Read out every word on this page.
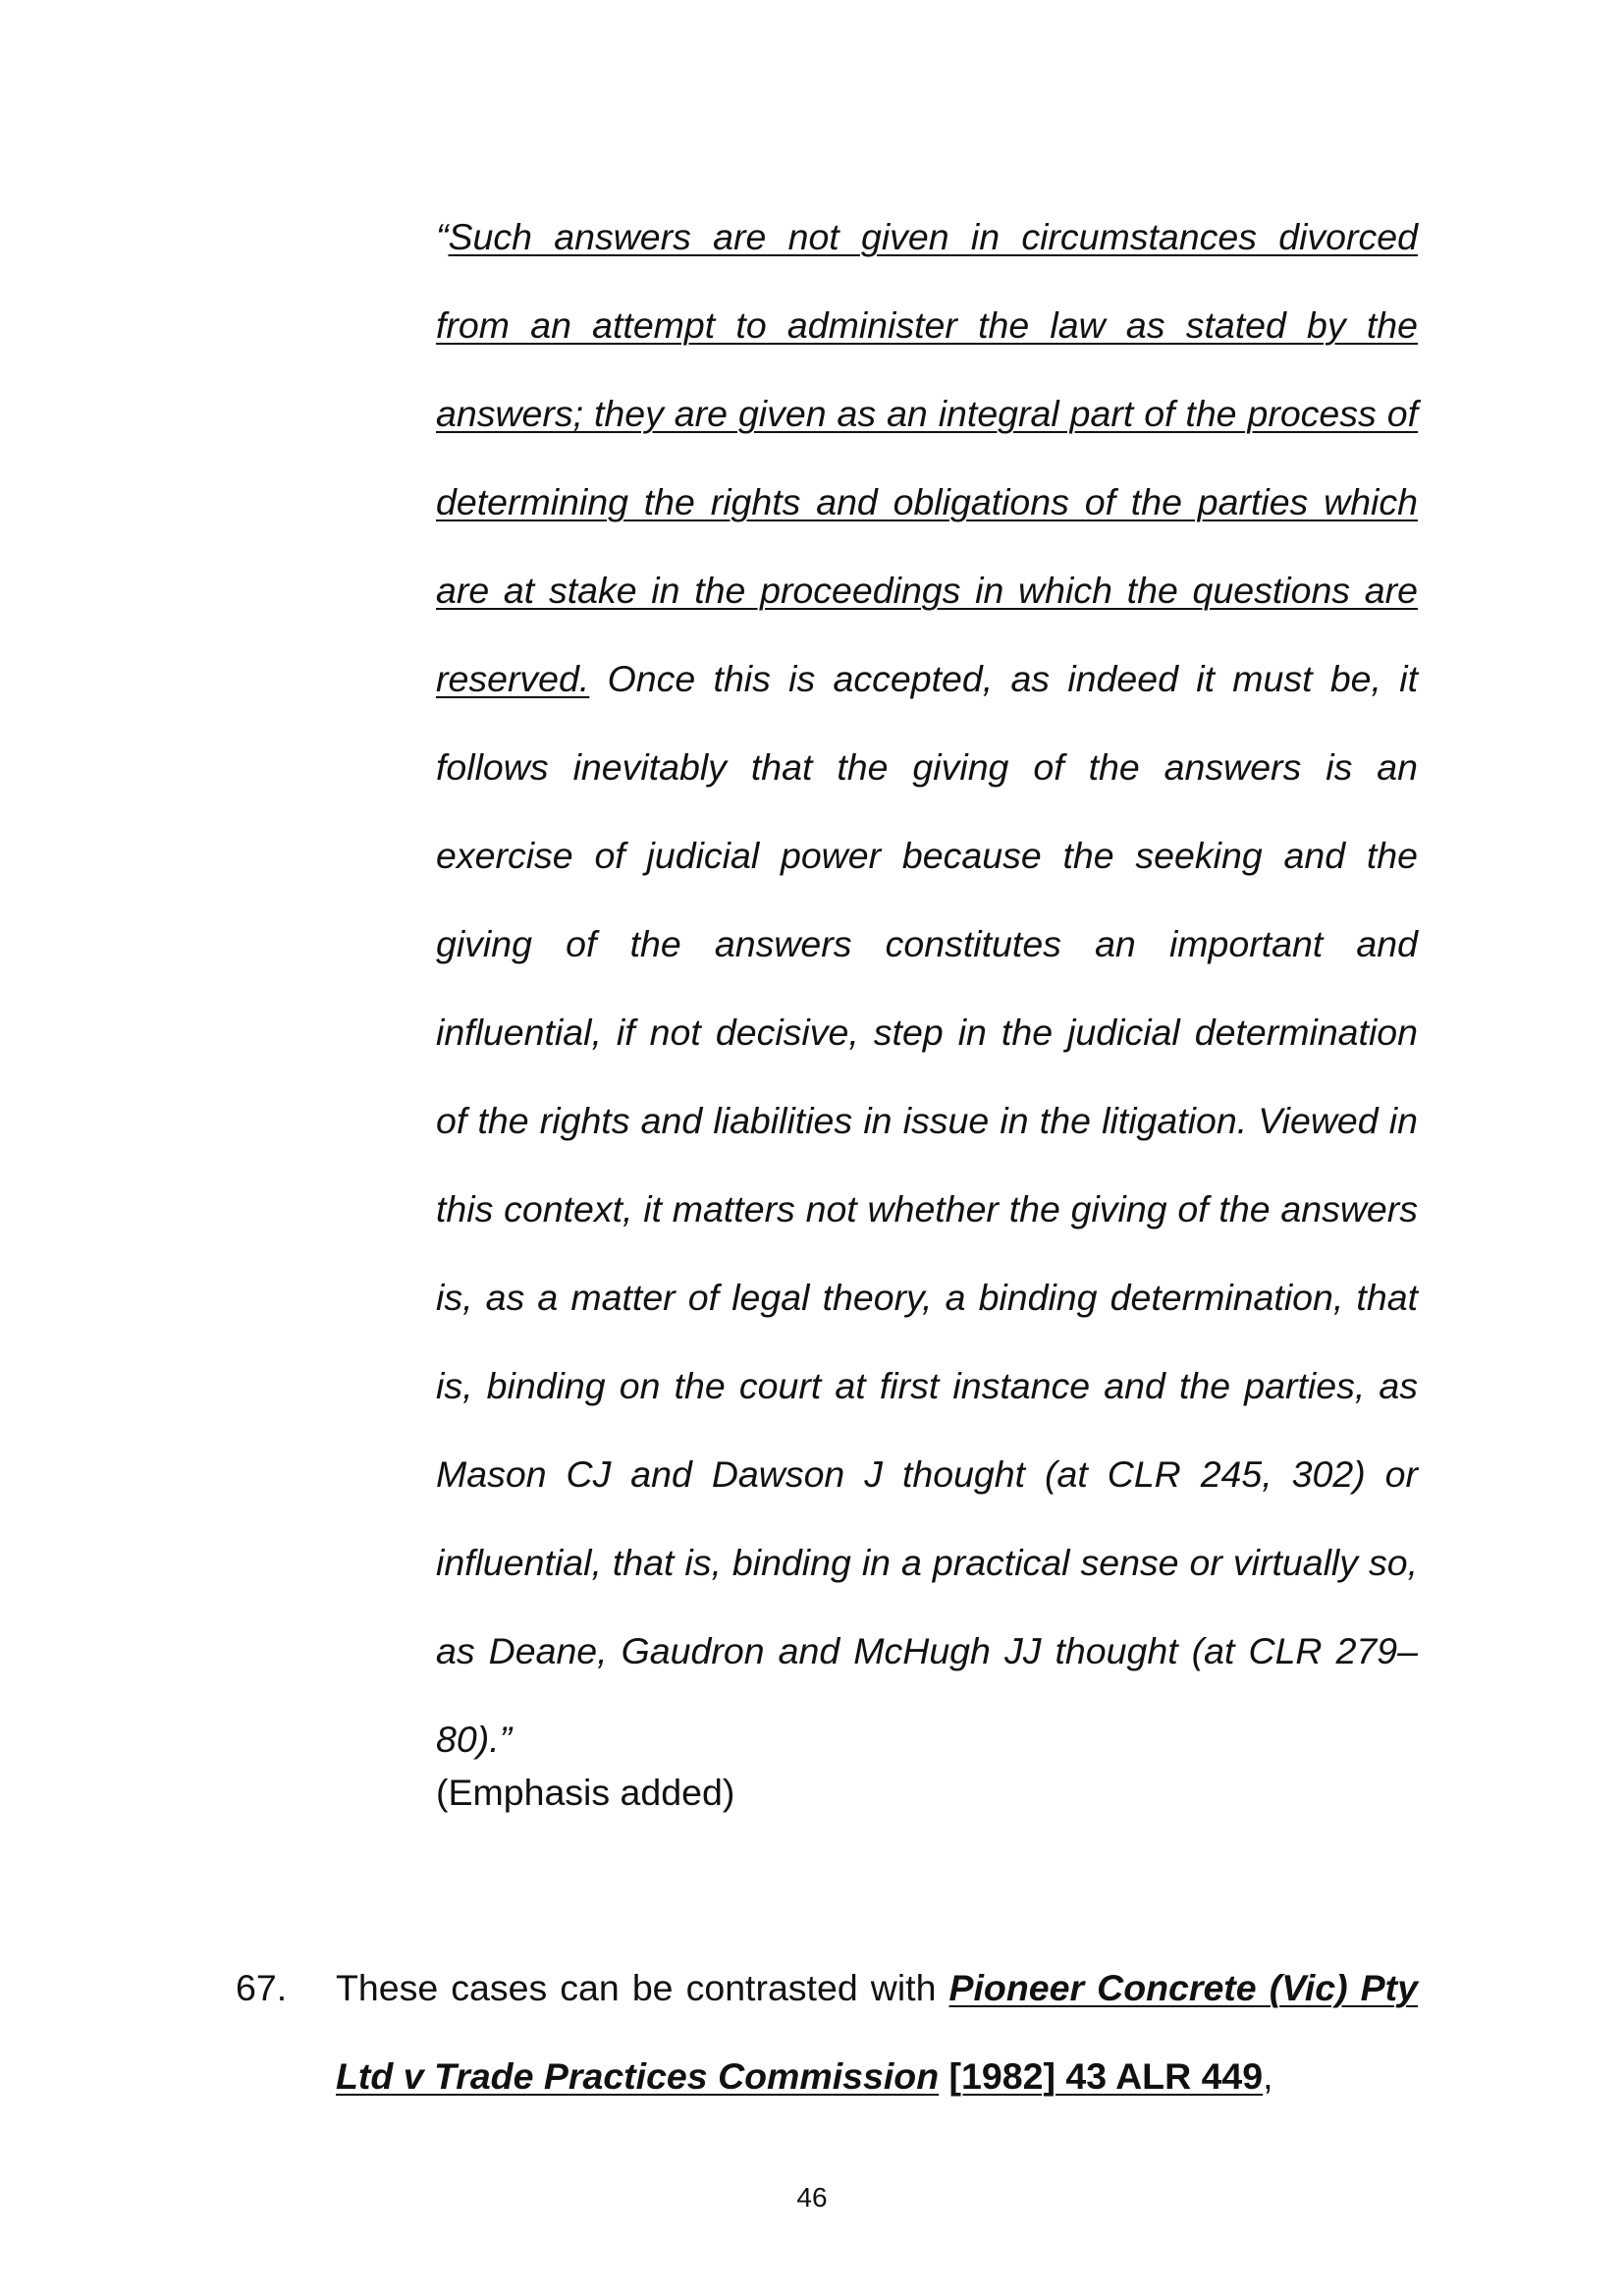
“Such answers are not given in circumstances divorced from an attempt to administer the law as stated by the answers; they are given as an integral part of the process of determining the rights and obligations of the parties which are at stake in the proceedings in which the questions are reserved. Once this is accepted, as indeed it must be, it follows inevitably that the giving of the answers is an exercise of judicial power because the seeking and the giving of the answers constitutes an important and influential, if not decisive, step in the judicial determination of the rights and liabilities in issue in the litigation. Viewed in this context, it matters not whether the giving of the answers is, as a matter of legal theory, a binding determination, that is, binding on the court at first instance and the parties, as Mason CJ and Dawson J thought (at CLR 245, 302) or influential, that is, binding in a practical sense or virtually so, as Deane, Gaudron and McHugh JJ thought (at CLR 279–80).”

(Emphasis added)

67. These cases can be contrasted with Pioneer Concrete (Vic) Pty Ltd v Trade Practices Commission [1982] 43 ALR 449,

46
